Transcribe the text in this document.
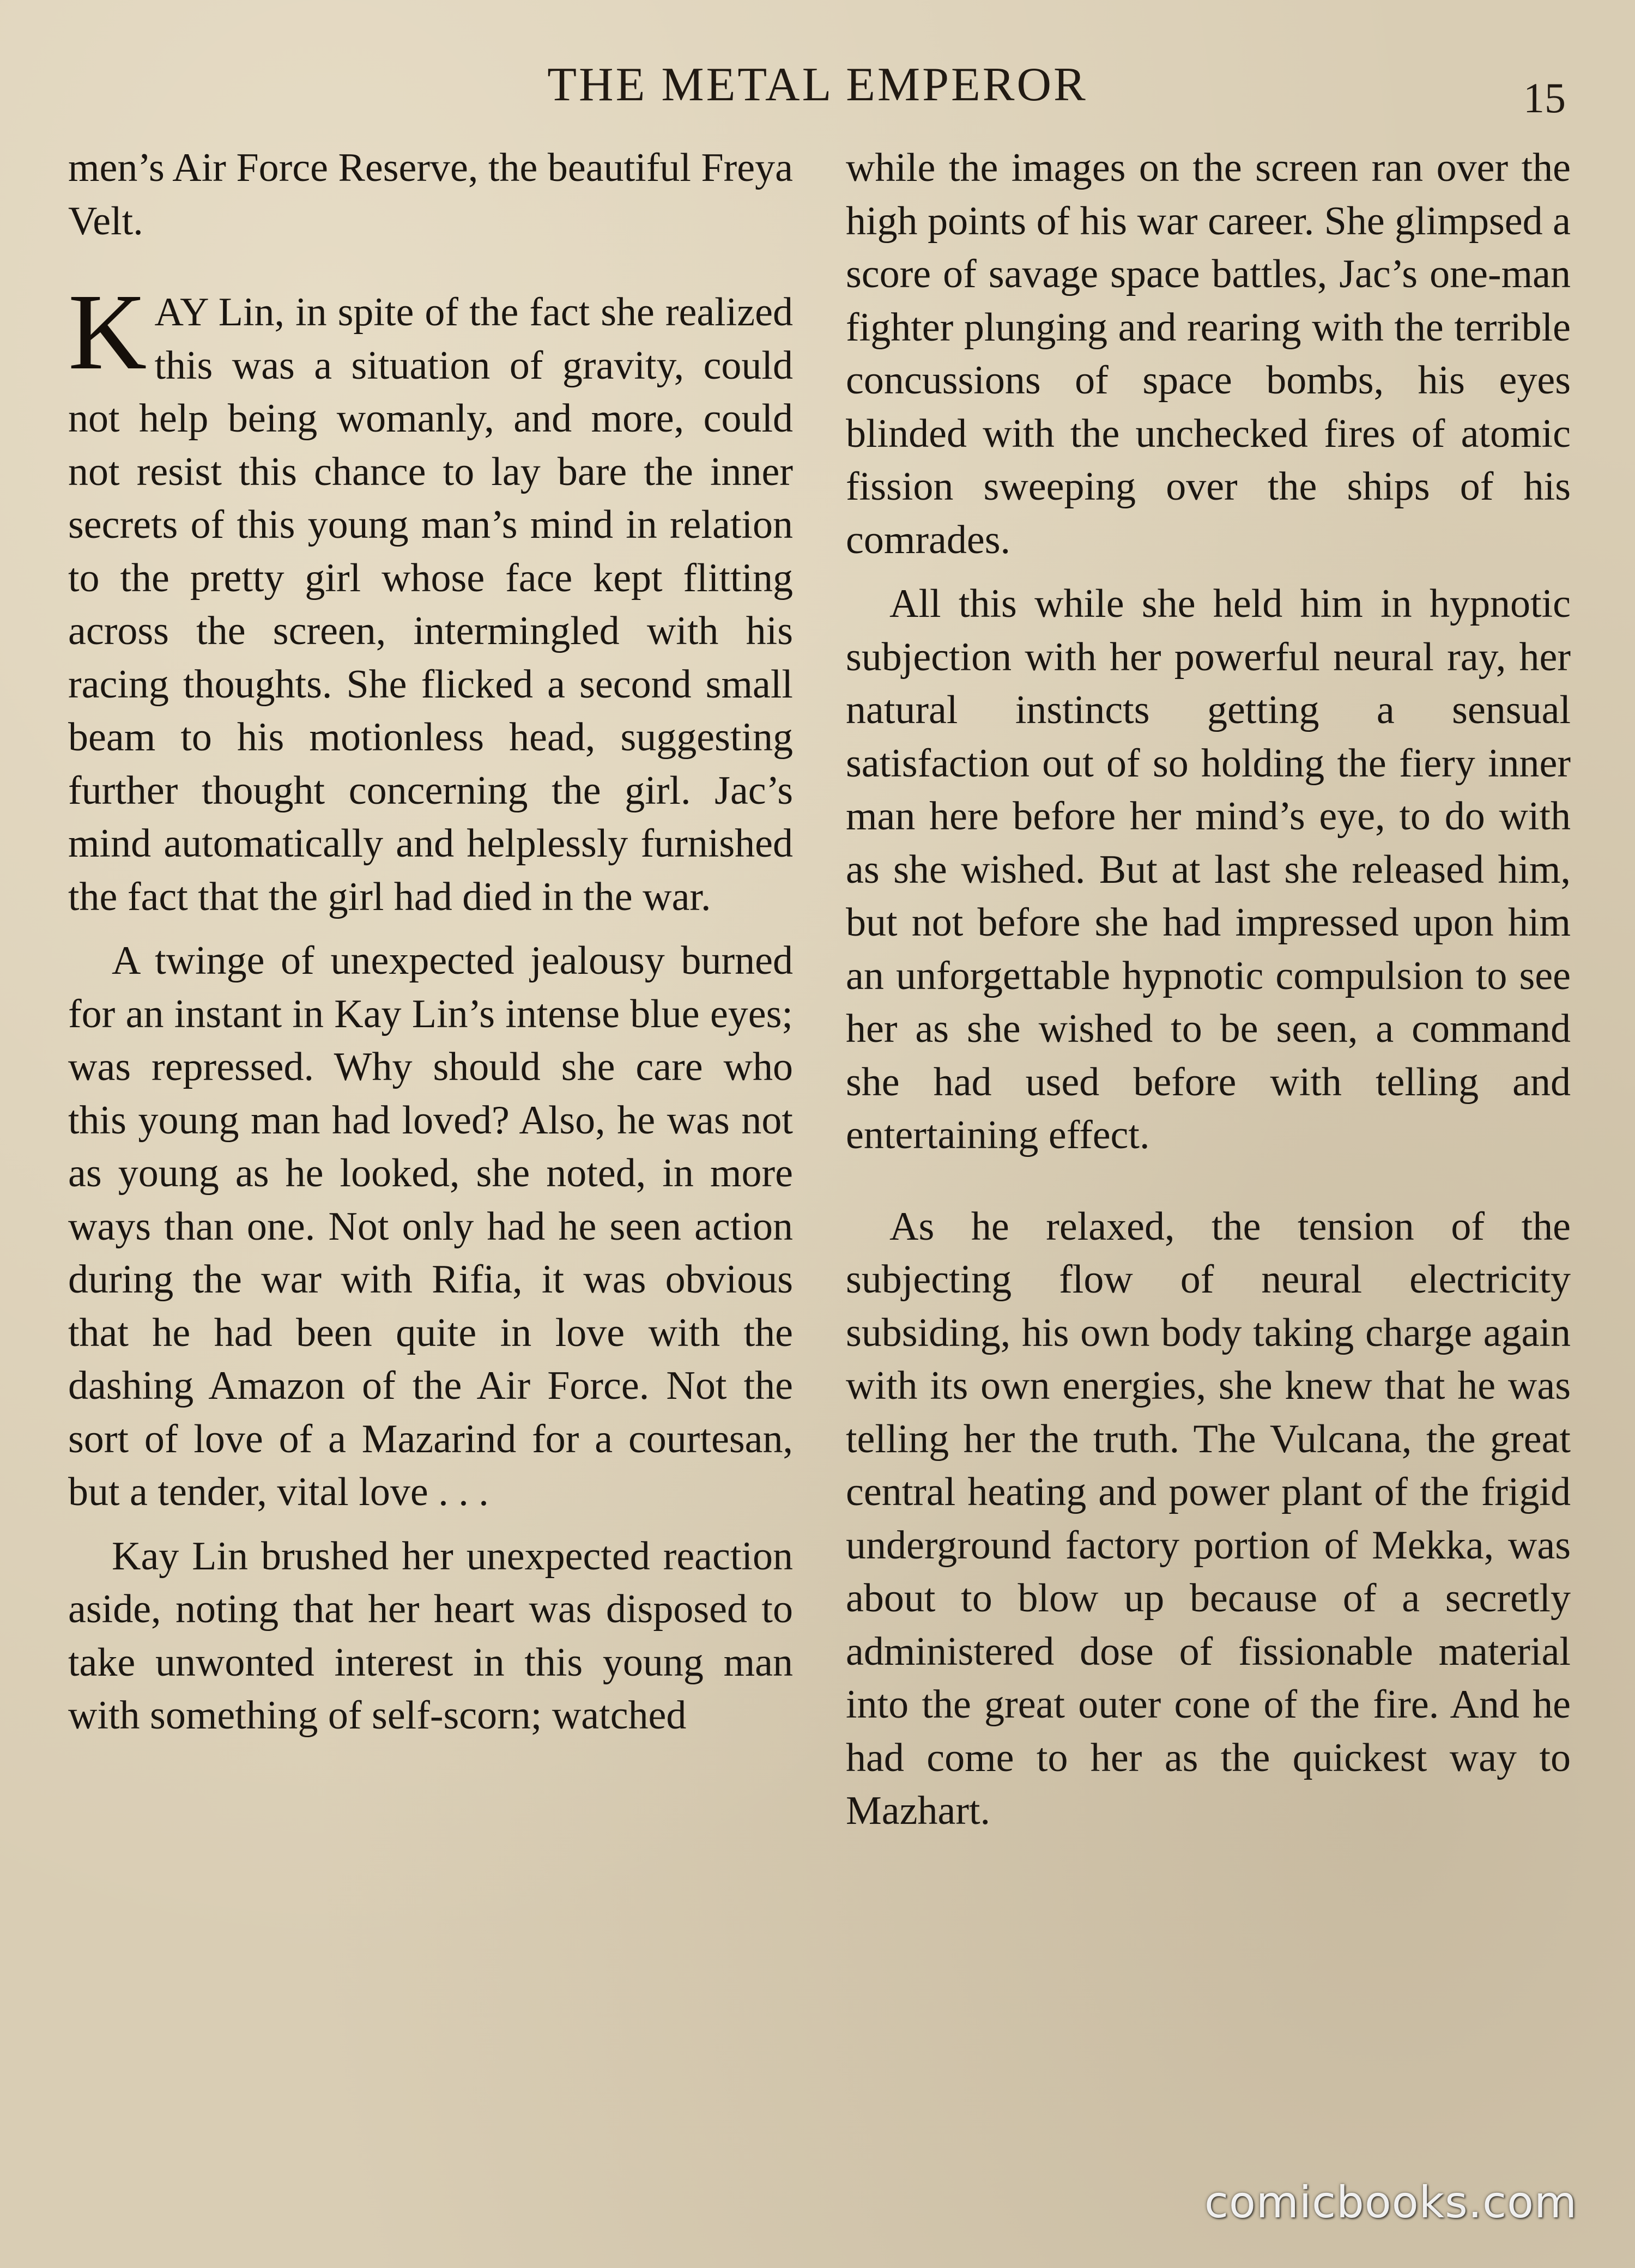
THE METAL EMPEROR	15

men’s Air Force Reserve, the beautiful Freya Velt.

KAY Lin, in spite of the fact she realized this was a situation of gravity, could not help being womanly, and more, could not resist this chance to lay bare the inner secrets of this young man’s mind in relation to the pretty girl whose face kept flitting across the screen, intermingled with his racing thoughts. She flicked a second small beam to his motionless head, suggesting further thought concerning the girl. Jac’s mind automatically and helplessly furnished the fact that the girl had died in the war.

A twinge of unexpected jealousy burned for an instant in Kay Lin’s intense blue eyes; was repressed. Why should she care who this young man had loved? Also, he was not as young as he looked, she noted, in more ways than one. Not only had he seen action during the war with Rifia, it was obvious that he had been quite in love with the dashing Amazon of the Air Force. Not the sort of love of a Mazarind for a courtesan, but a tender, vital love . . .

Kay Lin brushed her unexpected reaction aside, noting that her heart was disposed to take unwonted interest in this young man with something of self-scorn; watched

while the images on the screen ran over the high points of his war career. She glimpsed a score of savage space battles, Jac’s one-man fighter plunging and rearing with the terrible concussions of space bombs, his eyes blinded with the unchecked fires of atomic fission sweeping over the ships of his comrades.

All this while she held him in hypnotic subjection with her powerful neural ray, her natural instincts getting a sensual satisfaction out of so holding the fiery inner man here before her mind’s eye, to do with as she wished. But at last she released him, but not before she had impressed upon him an unforgettable hypnotic compulsion to see her as she wished to be seen, a command she had used before with telling and entertaining effect.

As he relaxed, the tension of the subjecting flow of neural electricity subsiding, his own body taking charge again with its own energies, she knew that he was telling her the truth. The Vulcana, the great central heating and power plant of the frigid underground factory portion of Mekka, was about to blow up because of a secretly administered dose of fissionable material into the great outer cone of the fire. And he had come to her as the quickest way to Mazhart.

comicbooks.com
